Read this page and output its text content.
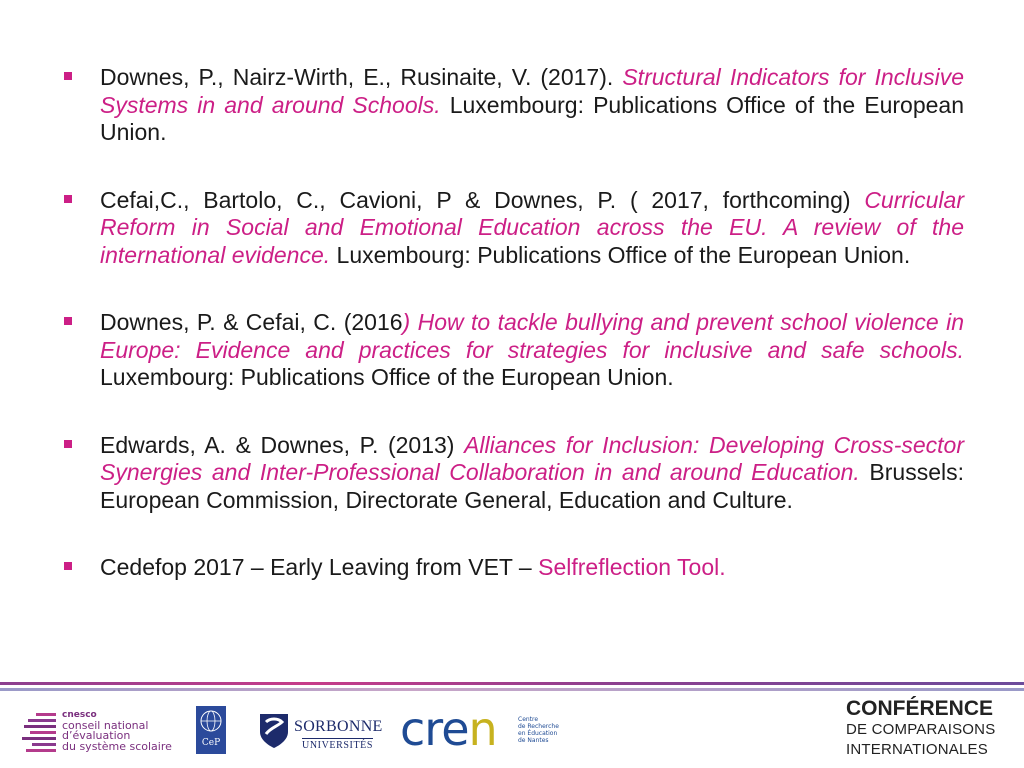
Downes, P., Nairz-Wirth, E., Rusinaite, V. (2017). Structural Indicators for Inclusive Systems in and around Schools. Luxembourg: Publications Office of the European Union.
Cefai,C., Bartolo, C., Cavioni, P & Downes, P. ( 2017, forthcoming) Curricular Reform in Social and Emotional Education across the EU. A review of the international evidence. Luxembourg: Publications Office of the European Union.
Downes, P. & Cefai, C. (2016) How to tackle bullying and prevent school violence in Europe: Evidence and practices for strategies for inclusive and safe schools. Luxembourg: Publications Office of the European Union.
Edwards, A. & Downes, P. (2013) Alliances for Inclusion: Developing Cross-sector Synergies and Inter-Professional Collaboration in and around Education. Brussels: European Commission, Directorate General, Education and Culture.
Cedefop 2017 – Early Leaving from VET – Selfreflection Tool.
cnesco
conseil national
d’évaluation
du système scolaire	CeP
SORBONNE
UNIVERSITÉS cren	Centre
de Recherche
en Éducation
de Nantes
CONFÉRENCE
DE COMPARAISONS
INTERNATIONALES
